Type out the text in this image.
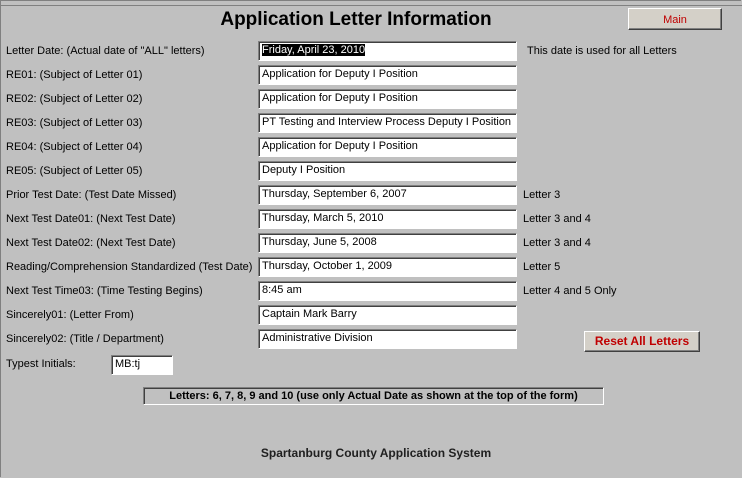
Application Letter Information	Main
Letter Date: (Actual date of "ALL" letters)	Friday, April 23, 2010	This date is used for all Letters
RE01: (Subject of Letter 01)	Application for Deputy I Position
RE02: (Subject of Letter 02)	Application for Deputy I Position
RE03: (Subject of Letter 03)	PT Testing and Interview Process Deputy I Position
RE04: (Subject of Letter 04)	Application for Deputy I Position
RE05: (Subject of Letter 05)	Deputy I Position
Prior Test Date: (Test Date Missed)	Thursday, September 6, 2007	Letter 3
Next Test Date01: (Next Test Date)	Thursday, March 5, 2010	Letter 3 and 4
Next Test Date02: (Next Test Date)	Thursday, June 5, 2008	Letter 3 and 4
Reading/Comprehension Standardized (Test Date) Thursday, October 1, 2009	Letter 5
Next Test Time03: (Time Testing Begins)	8:45 am	Letter 4 and 5 Only
Sincerely01: (Letter From)	Captain Mark Barry
Sincerely02: (Title / Department)	Administrative Division	Reset All Letters
Typest Initials:	MB:tj
Letters: 6, 7, 8, 9 and 10 (use only Actual Date as shown at the top of the form)
Spartanburg County Application System
